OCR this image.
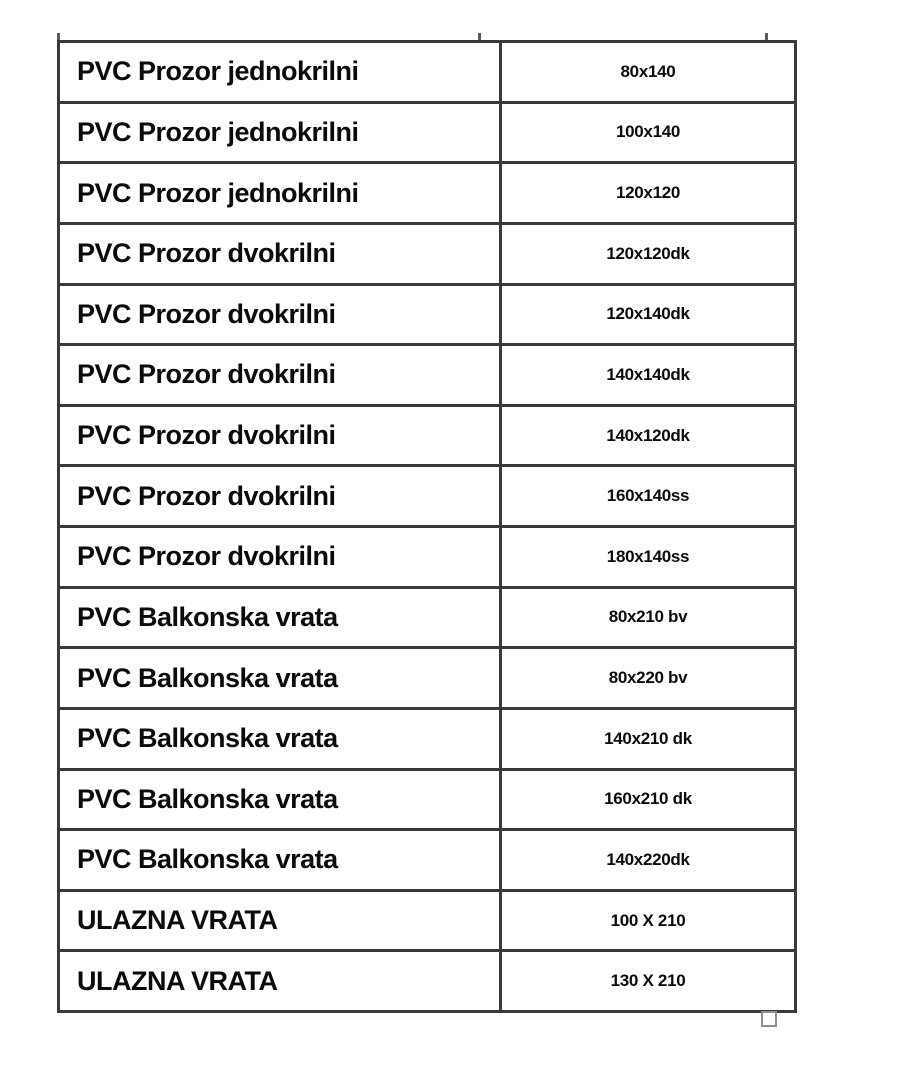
PVC Prozor jednokrilni	80x140
PVC Prozor jednokrilni	100x140
PVC Prozor jednokrilni	120x120
PVC Prozor dvokrilni	120x120dk
PVC Prozor dvokrilni	120x140dk
PVC Prozor dvokrilni	140x140dk
PVC Prozor dvokrilni	140x120dk
PVC Prozor dvokrilni	160x140ss
PVC Prozor dvokrilni	180x140ss
PVC Balkonska vrata	80x210 bv
PVC Balkonska vrata	80x220 bv
PVC Balkonska vrata	140x210 dk
PVC Balkonska vrata	160x210 dk
PVC Balkonska vrata	140x220dk
ULAZNA VRATA	100 X 210
ULAZNA VRATA	130 X 210
